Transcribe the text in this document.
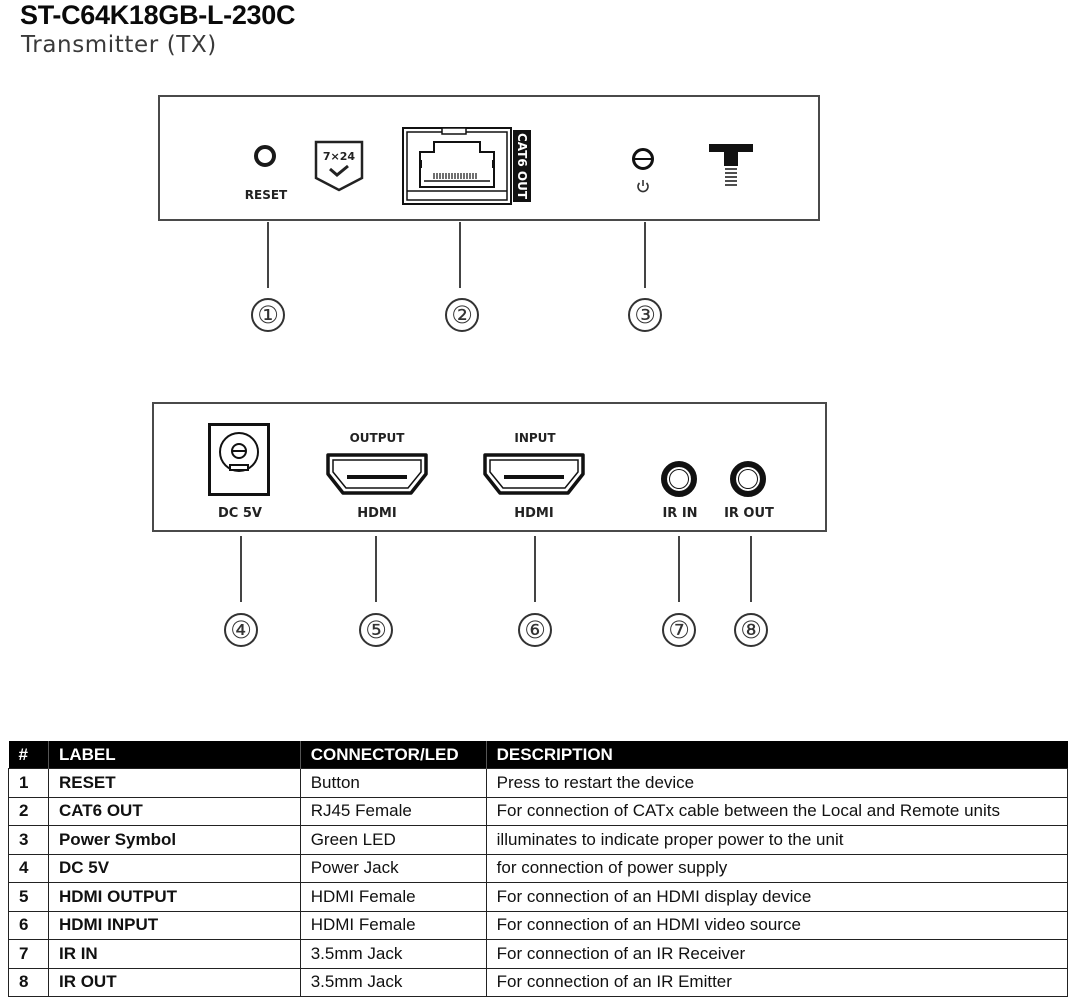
ST-C64K18GB-L-230C
Transmitter (TX)
RESET
7×24	CAT6 OUT
①	②	③
DC 5V
OUTPUT
HDMI
INPUT
HDMI	IR IN	IR OUT
④	⑤	⑥	⑦ ⑧
#	LABEL	CONNECTOR/LED	DESCRIPTION
1	RESET	Button	Press to restart the device
2	CAT6 OUT	RJ45 Female	For connection of CATx cable between the Local and Remote units
3	Power Symbol	Green LED	illuminates to indicate proper power to the unit
4	DC 5V	Power Jack	for connection of power supply
5	HDMI OUTPUT	HDMI Female	For connection of an HDMI display device
6	HDMI INPUT	HDMI Female	For connection of an HDMI video source
7	IR IN	3.5mm Jack	For connection of an IR Receiver
8	IR OUT	3.5mm Jack	For connection of an IR Emitter
